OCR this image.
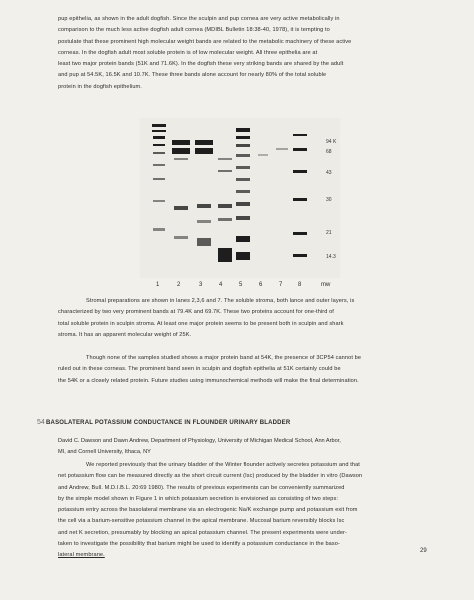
pup epithelia, as shown in the adult dogfish. Since the sculpin and pup cornea are very active metabolically in
comparison to the much less active dogfish adult cornea (MDIBL Bulletin 18:38-40, 1978), it is tempting to
postulate that these prominent high molecular weight bands are related to the metabolic machinery of these active
corneas. In the dogfish adult most soluble protein is of low molecular weight. All three epithelia are at
least two major protein bands (51K and 71.6K). In the dogfish these very striking bands are shared by the adult
and pup at 54.5K, 16.5K and 10.7K. These three bands alone account for nearly 80% of the total soluble
protein in the dogfish epithelium.
94 K
68
43
30
21
14.3
1	2	3	4	5	6	7	8	mw
Stromal preparations are shown in lanes 2,3,6 and 7. The soluble stroma, both lance and outer layers, is
characterized by two very prominent bands at 79.4K and 69.7K. These two proteins account for one-third of
total soluble protein in sculpin stroma. At least one major protein seems to be present both in sculpin and shark
stroma. It has an apparent molecular weight of 25K.
Though none of the samples studied shows a major protein band at 54K, the presence of 3CP54 cannot be
ruled out in these corneas. The prominent band seen in sculpin and dogfish epithelia at 51K certainly could be
the 54K or a closely related protein. Future studies using immunochemical methods will make the final determination.
54 BASOLATERAL POTASSIUM CONDUCTANCE IN FLOUNDER URINARY BLADDER
David C. Dawson and Dawn Andrew, Department of Physiology, University of Michigan Medical School, Ann Arbor,
MI, and Cornell University, Ithaca, NY
We reported previously that the urinary bladder of the Winter flounder actively secretes potassium and that
net potassium flow can be measured directly as the short circuit current (Isc) produced by the bladder in vitro (Dawson
and Andrew, Bull. M.D.I.B.L. 20:69 1980). The results of previous experiments can be conveniently summarized
by the simple model shown in Figure 1 in which potassium secretion is envisioned as consisting of two steps:
potassium entry across the basolateral membrane via an electrogenic Na/K exchange pump and potassium exit from
the cell via a barium-sensitive potassium channel in the apical membrane. Mucosal barium reversibly blocks Isc
and net K secretion, presumably by blocking an apical potassium channel. The present experiments were under-
taken to investigate the possibility that barium might be used to identify a potassium conductance in the baso-
lateral membrane.
29
